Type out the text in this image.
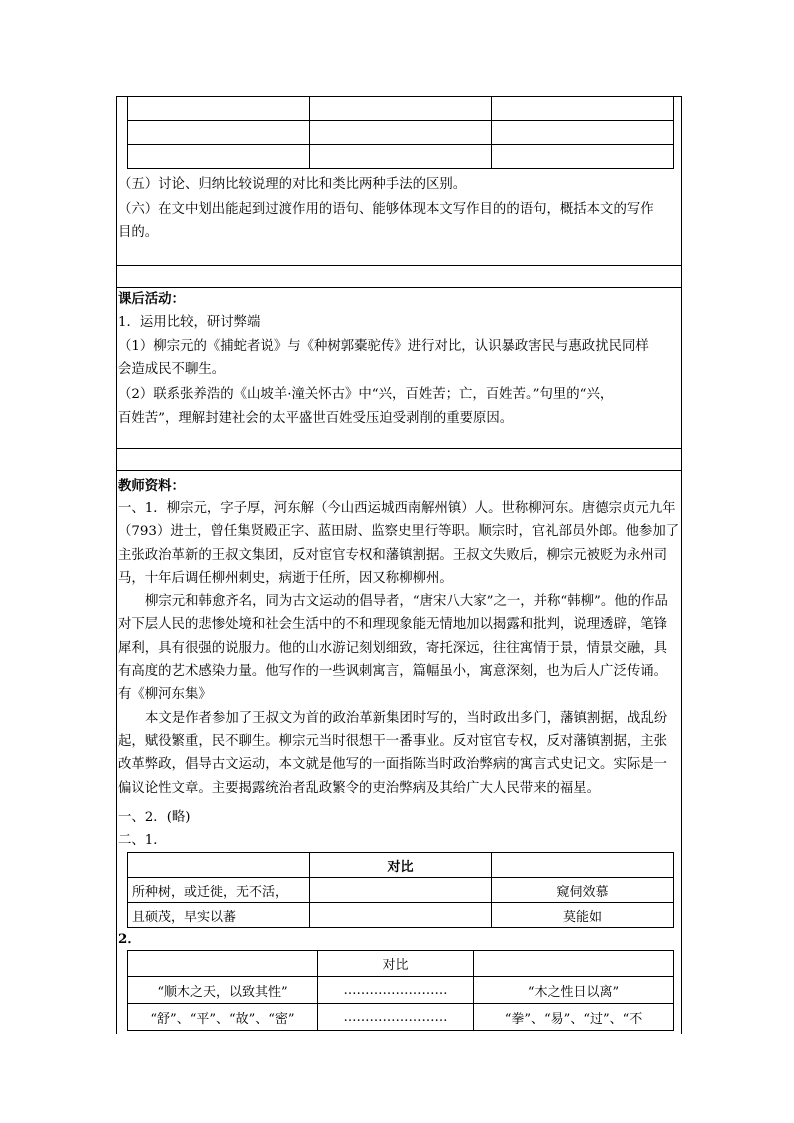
（五）讨论、归纳比较说理的对比和类比两种手法的区别。
（六）在文中划出能起到过渡作用的语句、能够体现本文写作目的的语句，概括本文的写作
目的。
课后活动：
1．运用比较，研讨弊端
（1）柳宗元的《捕蛇者说》与《种树郭橐驼传》进行对比，认识暴政害民与惠政扰民同样
会造成民不聊生。
（2）联系张养浩的《山坡羊·潼关怀古》中“兴，百姓苦；亡，百姓苦。”句里的“兴，
百姓苦”，理解封建社会的太平盛世百姓受压迫受剥削的重要原因。
教师资料：

一、1．柳宗元，字子厚，河东解（今山西运城西南解州镇）人。世称柳河东。唐德宗贞元九年（793）进士，曾任集贤殿正字、蓝田尉、监察史里行等职。顺宗时，官礼部员外郎。他参加了主张政治革新的王叔文集团，反对宦官专权和藩镇割据。王叔文失败后，柳宗元被贬为永州司马，十年后调任柳州刺史，病逝于任所，因又称柳柳州。

柳宗元和韩愈齐名，同为古文运动的倡导者，“唐宋八大家”之一，并称“韩柳”。他的作品对下层人民的悲惨处境和社会生活中的不和理现象能无情地加以揭露和批判，说理透辟，笔锋犀利，具有很强的说服力。他的山水游记刻划细致，寄托深远，往往寓情于景，情景交融，具有高度的艺术感染力量。他写作的一些讽刺寓言，篇幅虽小，寓意深刻，也为后人广泛传诵。有《柳河东集》

本文是作者参加了王叔文为首的政治革新集团时写的，当时政出多门，藩镇割据，战乱纷起，赋役繁重，民不聊生。柳宗元当时很想干一番事业。反对宦官专权，反对藩镇割据，主张改革弊政，倡导古文运动，本文就是他写的一面指陈当时政治弊病的寓言式史记文。实际是一偏议论性文章。主要揭露统治者乱政繁令的吏治弊病及其给广大人民带来的福星。

一、2．(略)
二、1．
	对比	
所种树，或迁徙，无不活，		窥伺效慕
且硕茂，早实以蕃		莫能如
2．
	对比	
“顺木之天，以致其性”	……………………	“木之性日以离”
“舒”、“平”、“故”、“密”	……………………	“拳”、“易”、“过”、“不
